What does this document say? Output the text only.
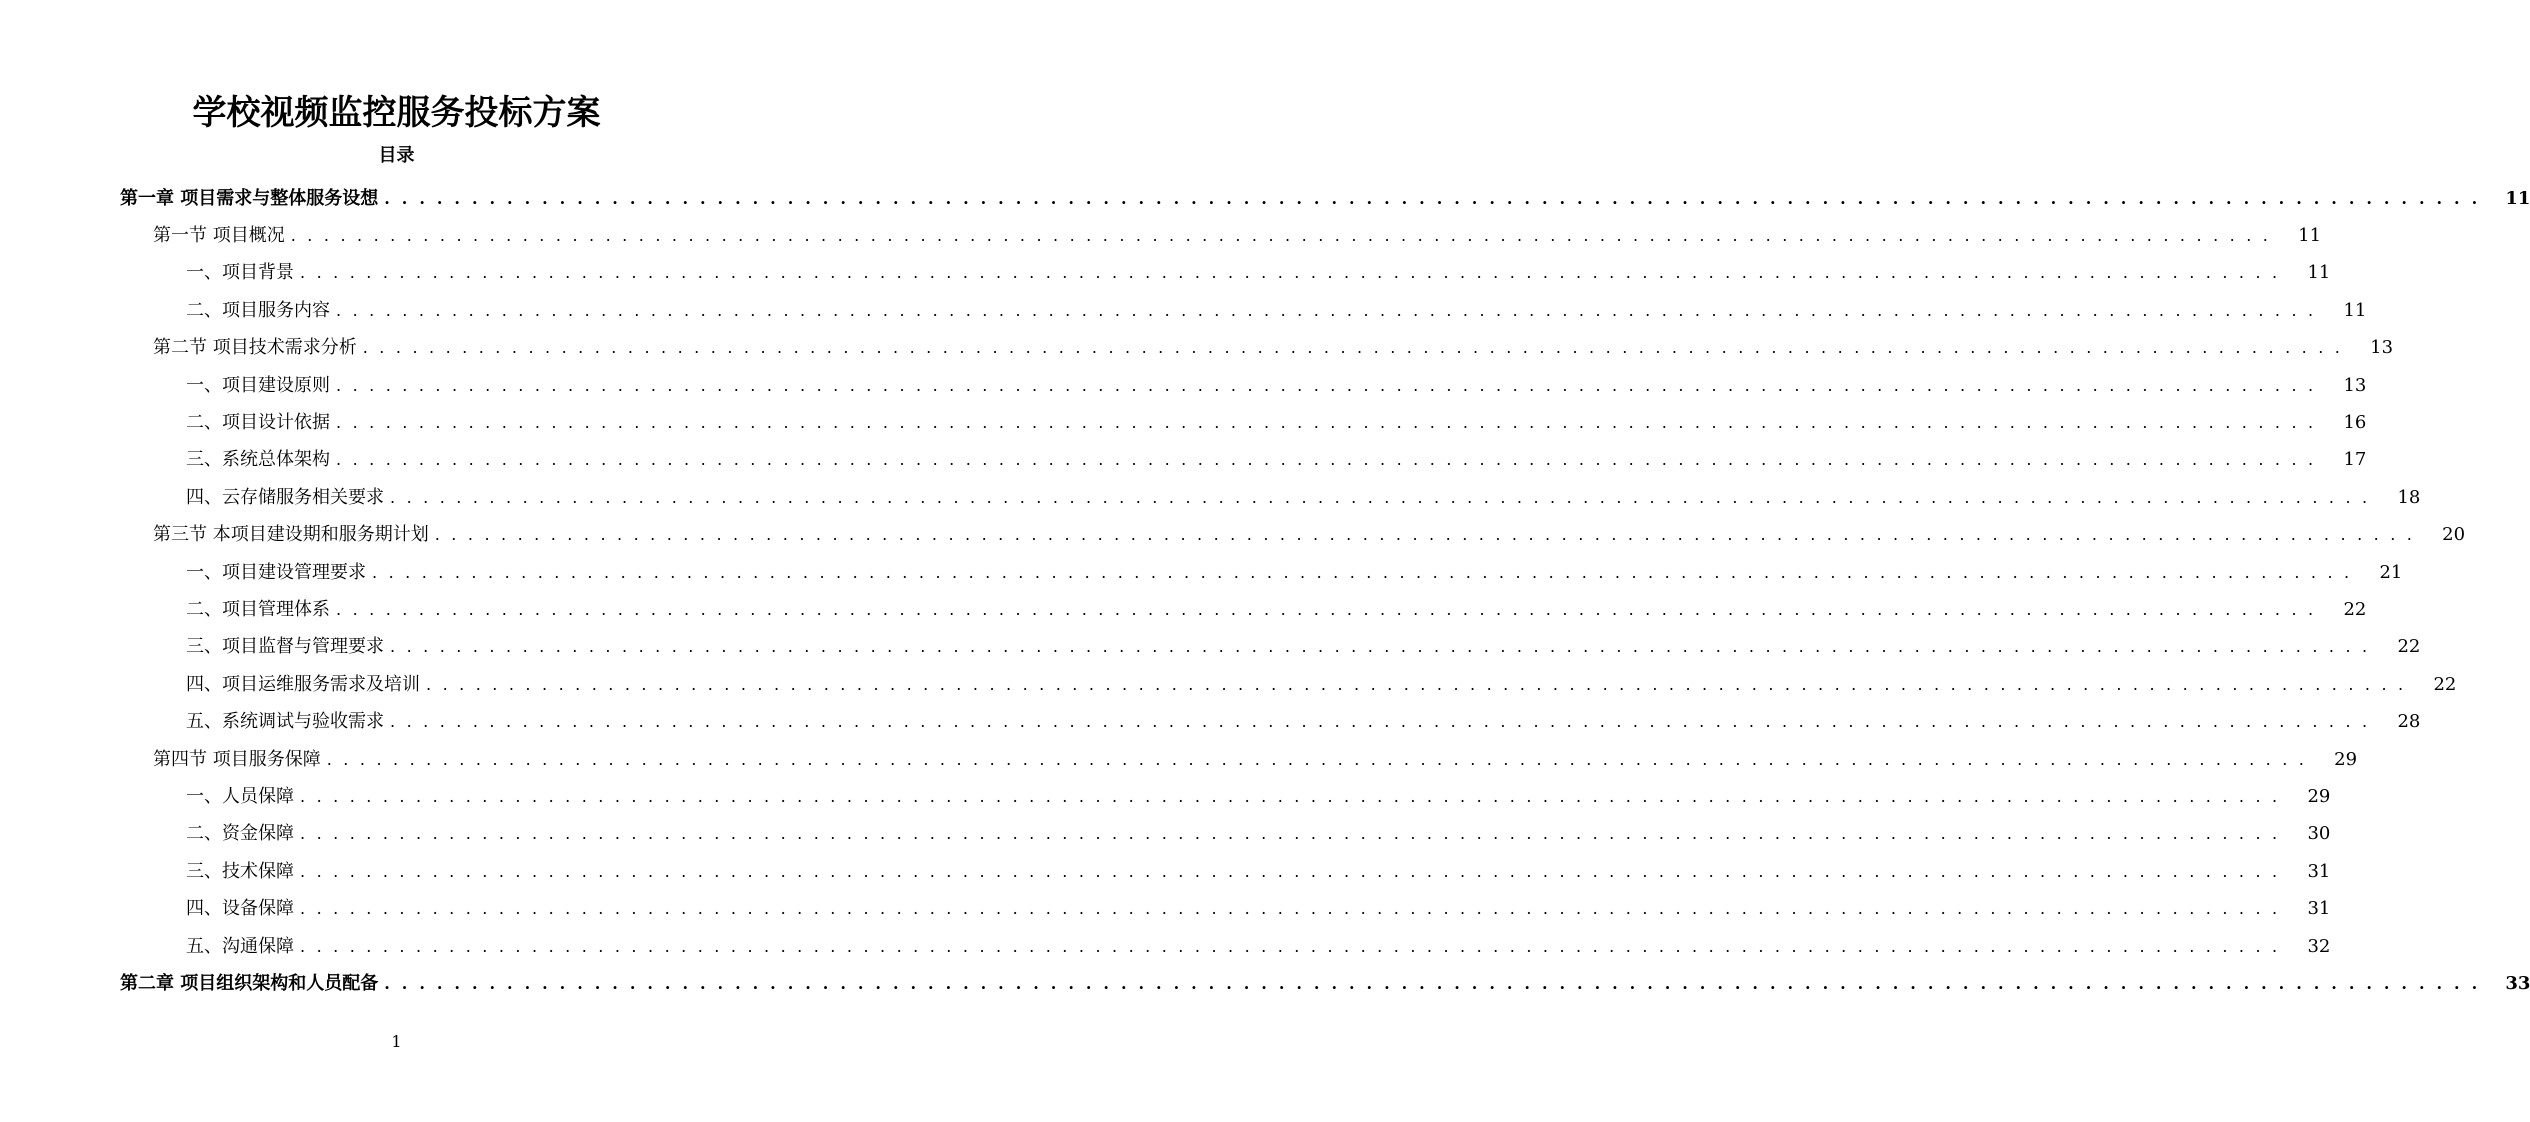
学校视频监控服务投标方案
目录
第一章 项目需求与整体服务设想 . . . . . . . . . . . . . . . . . . . . . . . . . . . . . . . . . . . . . . . . . . . . . . . . . . . . . . . . . . . . . . . . . . . . . . . . . . . . . . . . . . . . . . . . . . . . . . . . . . . . . . . . . . . . . . . . . . . . . . . .	11
第一节 项目概况 . . . . . . . . . . . . . . . . . . . . . . . . . . . . . . . . . . . . . . . . . . . . . . . . . . . . . . . . . . . . . . . . . . . . . . . . . . . . . . . . . . . . . . . . . . . . . . . . . . . . . . . . . . . . . . . . . . . . . . . .	11
一、项目背景 . . . . . . . . . . . . . . . . . . . . . . . . . . . . . . . . . . . . . . . . . . . . . . . . . . . . . . . . . . . . . . . . . . . . . . . . . . . . . . . . . . . . . . . . . . . . . . . . . . . . . . . . . . . . . . . . . . . . . . . .	11
二、项目服务内容 . . . . . . . . . . . . . . . . . . . . . . . . . . . . . . . . . . . . . . . . . . . . . . . . . . . . . . . . . . . . . . . . . . . . . . . . . . . . . . . . . . . . . . . . . . . . . . . . . . . . . . . . . . . . . . . . . . . . . . . .	11
第二节 项目技术需求分析 . . . . . . . . . . . . . . . . . . . . . . . . . . . . . . . . . . . . . . . . . . . . . . . . . . . . . . . . . . . . . . . . . . . . . . . . . . . . . . . . . . . . . . . . . . . . . . . . . . . . . . . . . . . . . . . . . . . . . . . .	13
一、项目建设原则 . . . . . . . . . . . . . . . . . . . . . . . . . . . . . . . . . . . . . . . . . . . . . . . . . . . . . . . . . . . . . . . . . . . . . . . . . . . . . . . . . . . . . . . . . . . . . . . . . . . . . . . . . . . . . . . . . . . . . . . .	13
二、项目设计依据 . . . . . . . . . . . . . . . . . . . . . . . . . . . . . . . . . . . . . . . . . . . . . . . . . . . . . . . . . . . . . . . . . . . . . . . . . . . . . . . . . . . . . . . . . . . . . . . . . . . . . . . . . . . . . . . . . . . . . . . .	16
三、系统总体架构 . . . . . . . . . . . . . . . . . . . . . . . . . . . . . . . . . . . . . . . . . . . . . . . . . . . . . . . . . . . . . . . . . . . . . . . . . . . . . . . . . . . . . . . . . . . . . . . . . . . . . . . . . . . . . . . . . . . . . . . .	17
四、云存储服务相关要求 . . . . . . . . . . . . . . . . . . . . . . . . . . . . . . . . . . . . . . . . . . . . . . . . . . . . . . . . . . . . . . . . . . . . . . . . . . . . . . . . . . . . . . . . . . . . . . . . . . . . . . . . . . . . . . . . . . . . . . . .	18
第三节 本项目建设期和服务期计划 . . . . . . . . . . . . . . . . . . . . . . . . . . . . . . . . . . . . . . . . . . . . . . . . . . . . . . . . . . . . . . . . . . . . . . . . . . . . . . . . . . . . . . . . . . . . . . . . . . . . . . . . . . . . . . . . . . . . . . . .	20
一、项目建设管理要求 . . . . . . . . . . . . . . . . . . . . . . . . . . . . . . . . . . . . . . . . . . . . . . . . . . . . . . . . . . . . . . . . . . . . . . . . . . . . . . . . . . . . . . . . . . . . . . . . . . . . . . . . . . . . . . . . . . . . . . . .	21
二、项目管理体系 . . . . . . . . . . . . . . . . . . . . . . . . . . . . . . . . . . . . . . . . . . . . . . . . . . . . . . . . . . . . . . . . . . . . . . . . . . . . . . . . . . . . . . . . . . . . . . . . . . . . . . . . . . . . . . . . . . . . . . . .	22
三、项目监督与管理要求 . . . . . . . . . . . . . . . . . . . . . . . . . . . . . . . . . . . . . . . . . . . . . . . . . . . . . . . . . . . . . . . . . . . . . . . . . . . . . . . . . . . . . . . . . . . . . . . . . . . . . . . . . . . . . . . . . . . . . . . .	22
四、项目运维服务需求及培训 . . . . . . . . . . . . . . . . . . . . . . . . . . . . . . . . . . . . . . . . . . . . . . . . . . . . . . . . . . . . . . . . . . . . . . . . . . . . . . . . . . . . . . . . . . . . . . . . . . . . . . . . . . . . . . . . . . . . . . . .	22
五、系统调试与验收需求 . . . . . . . . . . . . . . . . . . . . . . . . . . . . . . . . . . . . . . . . . . . . . . . . . . . . . . . . . . . . . . . . . . . . . . . . . . . . . . . . . . . . . . . . . . . . . . . . . . . . . . . . . . . . . . . . . . . . . . . .	28
第四节 项目服务保障 . . . . . . . . . . . . . . . . . . . . . . . . . . . . . . . . . . . . . . . . . . . . . . . . . . . . . . . . . . . . . . . . . . . . . . . . . . . . . . . . . . . . . . . . . . . . . . . . . . . . . . . . . . . . . . . . . . . . . . . .	29
一、人员保障 . . . . . . . . . . . . . . . . . . . . . . . . . . . . . . . . . . . . . . . . . . . . . . . . . . . . . . . . . . . . . . . . . . . . . . . . . . . . . . . . . . . . . . . . . . . . . . . . . . . . . . . . . . . . . . . . . . . . . . . .	29
二、资金保障 . . . . . . . . . . . . . . . . . . . . . . . . . . . . . . . . . . . . . . . . . . . . . . . . . . . . . . . . . . . . . . . . . . . . . . . . . . . . . . . . . . . . . . . . . . . . . . . . . . . . . . . . . . . . . . . . . . . . . . . .	30
三、技术保障 . . . . . . . . . . . . . . . . . . . . . . . . . . . . . . . . . . . . . . . . . . . . . . . . . . . . . . . . . . . . . . . . . . . . . . . . . . . . . . . . . . . . . . . . . . . . . . . . . . . . . . . . . . . . . . . . . . . . . . . .	31
四、设备保障 . . . . . . . . . . . . . . . . . . . . . . . . . . . . . . . . . . . . . . . . . . . . . . . . . . . . . . . . . . . . . . . . . . . . . . . . . . . . . . . . . . . . . . . . . . . . . . . . . . . . . . . . . . . . . . . . . . . . . . . .	31
五、沟通保障 . . . . . . . . . . . . . . . . . . . . . . . . . . . . . . . . . . . . . . . . . . . . . . . . . . . . . . . . . . . . . . . . . . . . . . . . . . . . . . . . . . . . . . . . . . . . . . . . . . . . . . . . . . . . . . . . . . . . . . . .	32
第二章 项目组织架构和人员配备 . . . . . . . . . . . . . . . . . . . . . . . . . . . . . . . . . . . . . . . . . . . . . . . . . . . . . . . . . . . . . . . . . . . . . . . . . . . . . . . . . . . . . . . . . . . . . . . . . . . . . . . . . . . . . . . . . . . . . . . .	33
1
